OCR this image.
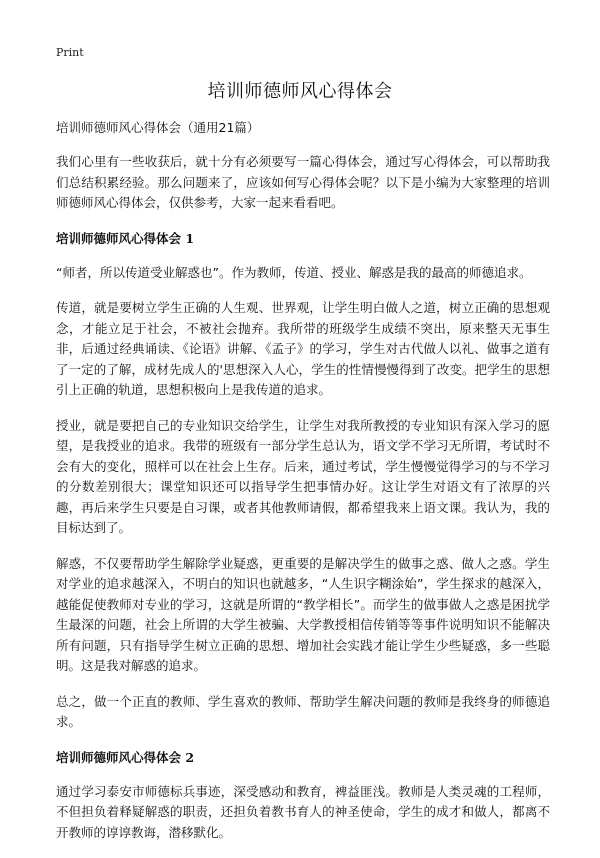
Print
培训师德师风心得体会
培训师德师风心得体会（通用21篇）

我们心里有一些收获后，就十分有必须要写一篇心得体会，通过写心得体会，可以帮助我们总结积累经验。那么问题来了，应该如何写心得体会呢？以下是小编为大家整理的培训师德师风心得体会，仅供参考，大家一起来看看吧。

培训师德师风心得体会 1

“师者，所以传道受业解惑也”。作为教师，传道、授业、解惑是我的最高的师德追求。

传道，就是要树立学生正确的人生观、世界观，让学生明白做人之道，树立正确的思想观念，才能立足于社会，不被社会抛弃。我所带的班级学生成绩不突出，原来整天无事生非，后通过经典诵读、《论语》讲解、《孟子》的学习，学生对古代做人以礼、做事之道有了一定的了解，成材先成人的'思想深入人心，学生的性情慢慢得到了改变。把学生的思想引上正确的轨道，思想积极向上是我传道的追求。

授业，就是要把自己的专业知识交给学生，让学生对我所教授的专业知识有深入学习的愿望，是我授业的追求。我带的班级有一部分学生总认为，语文学不学习无所谓，考试时不会有大的变化，照样可以在社会上生存。后来，通过考试，学生慢慢觉得学习的与不学习的分数差别很大；课堂知识还可以指导学生把事情办好。这让学生对语文有了浓厚的兴趣，再后来学生只要是自习课，或者其他教师请假，都希望我来上语文课。我认为，我的目标达到了。

解惑，不仅要帮助学生解除学业疑惑，更重要的是解决学生的做事之惑、做人之惑。学生对学业的追求越深入，不明白的知识也就越多，“人生识字糊涂始”，学生探求的越深入，越能促使教师对专业的学习，这就是所谓的“教学相长”。而学生的做事做人之惑是困扰学生最深的问题，社会上所谓的大学生被骗、大学教授相信传销等等事件说明知识不能解决所有问题，只有指导学生树立正确的思想、增加社会实践才能让学生少些疑惑，多一些聪明。这是我对解惑的追求。

总之，做一个正直的教师、学生喜欢的教师、帮助学生解决问题的教师是我终身的师德追求。

培训师德师风心得体会 2

通过学习泰安市师德标兵事迹，深受感动和教育，裨益匪浅。教师是人类灵魂的工程师，不但担负着释疑解惑的职责，还担负着教书育人的神圣使命，学生的成才和做人，都离不开教师的谆谆教诲，潜移默化。
